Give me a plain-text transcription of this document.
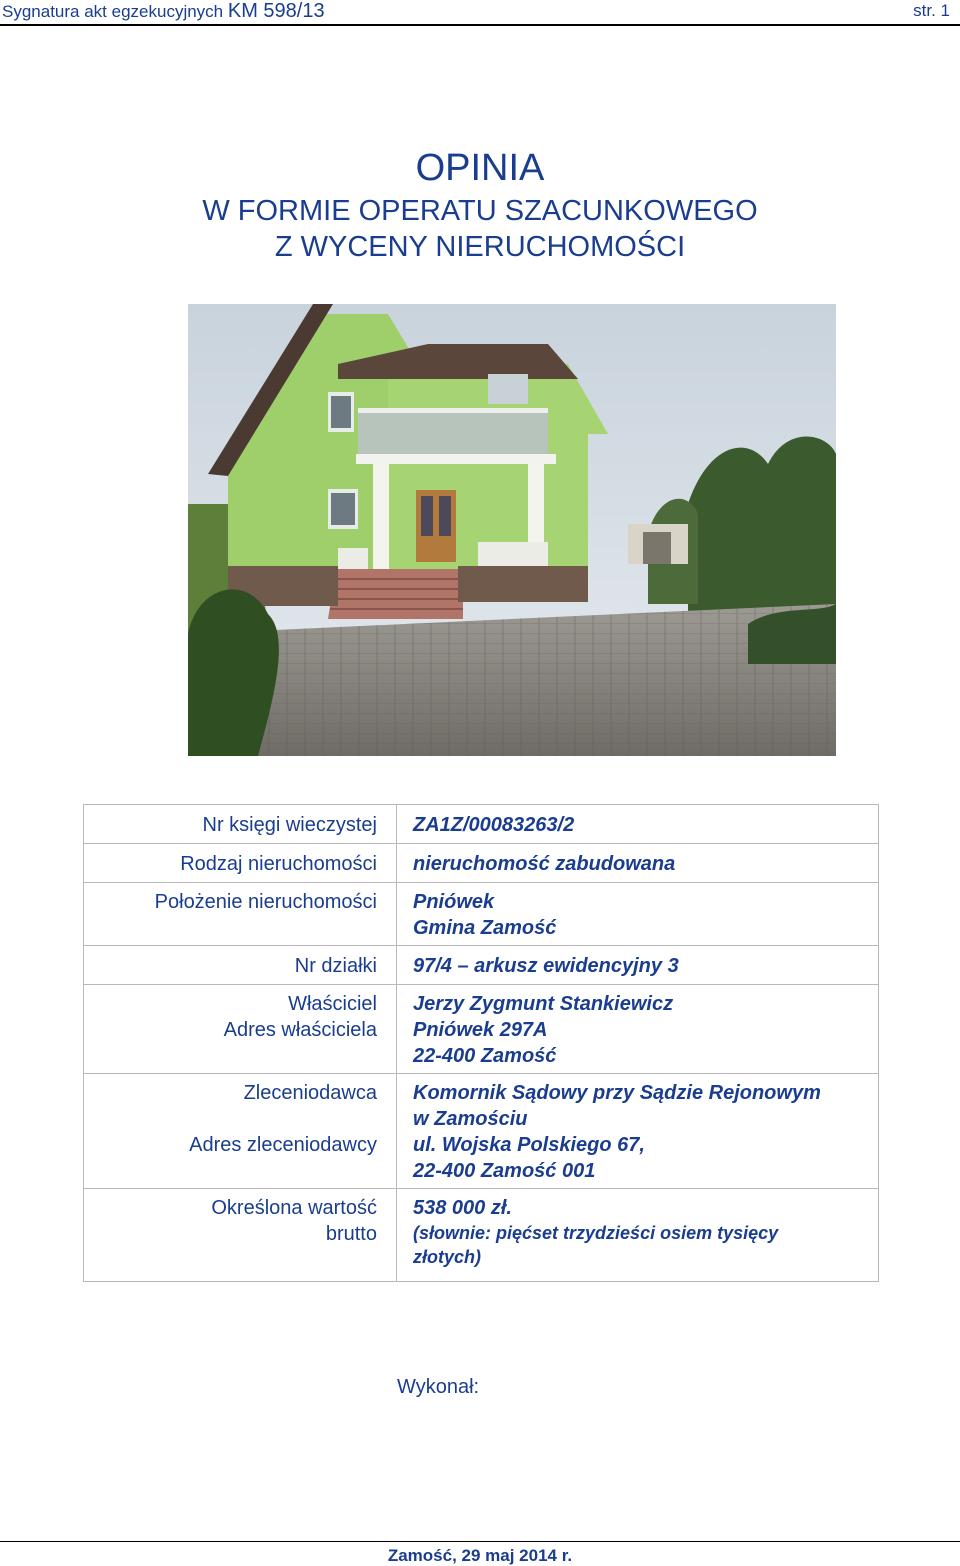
Sygnatura akt egzekucyjnych KM 598/13	str. 1
OPINIA
W FORMIE OPERATU SZACUNKOWEGO
Z WYCENY NIERUCHOMOŚCI
Nr księgi wieczystej	ZA1Z/00083263/2
Rodzaj nieruchomości	nieruchomość zabudowana
Położenie nieruchomości	Pniówek
Gmina Zamość

Nr działki	97/4 – arkusz ewidencyjny 3

Właściciel
Adres właściciela	Jerzy Zygmunt Stankiewicz
Pniówek 297A
22-400 Zamość

Zleceniodawca
Adres zleceniodawcy	Komornik Sądowy przy Sądzie Rejonowym
w Zamościu
ul. Wojska Polskiego 67,
22-400 Zamość 001

Określona wartość
brutto	538 000 zł.
(słownie: pięćset trzydzieści osiem tysięcy
złotych)
Wykonał:
Zamość, 29 maj 2014 r.
